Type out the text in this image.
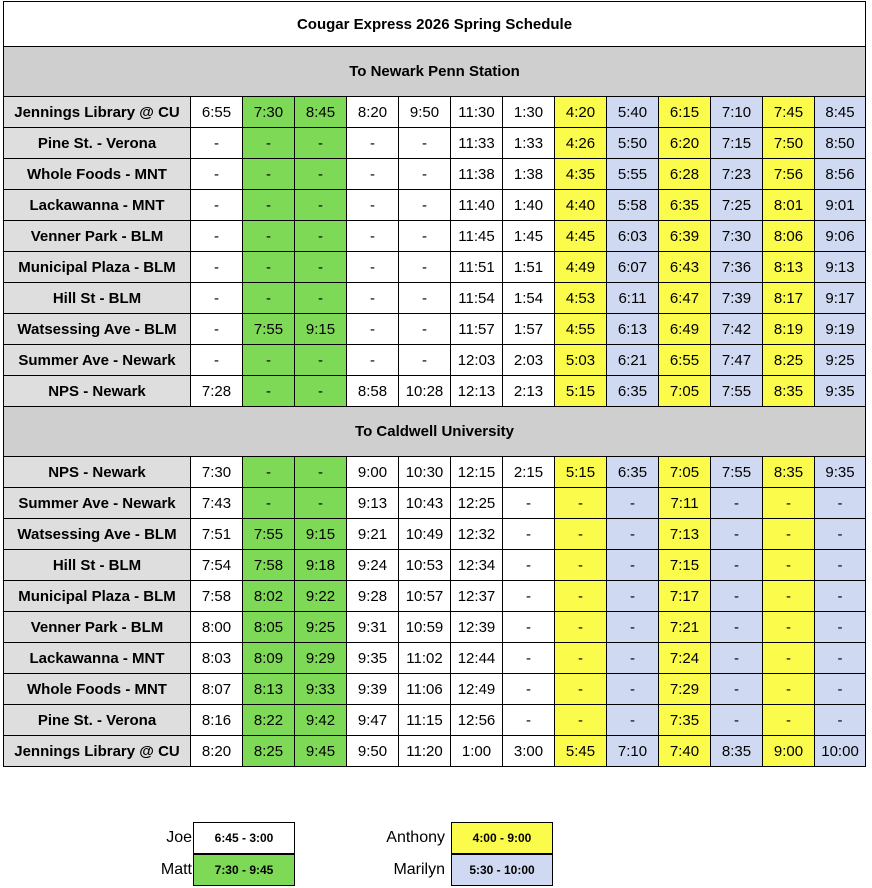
Cougar Express 2026 Spring Schedule													
To Newark Penn Station													
Jennings Library @ CU	6:55	7:30	8:45	8:20	9:50	11:30	1:30	4:20	5:40	6:15	7:10	7:45	8:45
Pine St. - Verona	-	-	-	-	-	11:33	1:33	4:26	5:50	6:20	7:15	7:50	8:50
Whole Foods - MNT	-	-	-	-	-	11:38	1:38	4:35	5:55	6:28	7:23	7:56	8:56
Lackawanna - MNT	-	-	-	-	-	11:40	1:40	4:40	5:58	6:35	7:25	8:01	9:01
Venner Park - BLM	-	-	-	-	-	11:45	1:45	4:45	6:03	6:39	7:30	8:06	9:06
Municipal Plaza - BLM	-	-	-	-	-	11:51	1:51	4:49	6:07	6:43	7:36	8:13	9:13
Hill St - BLM	-	-	-	-	-	11:54	1:54	4:53	6:11	6:47	7:39	8:17	9:17
Watsessing Ave - BLM	-	7:55	9:15	-	-	11:57	1:57	4:55	6:13	6:49	7:42	8:19	9:19
Summer Ave - Newark	-	-	-	-	-	12:03	2:03	5:03	6:21	6:55	7:47	8:25	9:25
NPS - Newark	7:28	-	-	8:58	10:28	12:13	2:13	5:15	6:35	7:05	7:55	8:35	9:35
To Caldwell University													
NPS - Newark	7:30	-	-	9:00	10:30	12:15	2:15	5:15	6:35	7:05	7:55	8:35	9:35
Summer Ave - Newark	7:43	-	-	9:13	10:43	12:25	-	-	-	7:11	-	-	-
Watsessing Ave - BLM	7:51	7:55	9:15	9:21	10:49	12:32	-	-	-	7:13	-	-	-
Hill St - BLM	7:54	7:58	9:18	9:24	10:53	12:34	-	-	-	7:15	-	-	-
Municipal Plaza - BLM	7:58	8:02	9:22	9:28	10:57	12:37	-	-	-	7:17	-	-	-
Venner Park - BLM	8:00	8:05	9:25	9:31	10:59	12:39	-	-	-	7:21	-	-	-
Lackawanna - MNT	8:03	8:09	9:29	9:35	11:02	12:44	-	-	-	7:24	-	-	-
Whole Foods - MNT	8:07	8:13	9:33	9:39	11:06	12:49	-	-	-	7:29	-	-	-
Pine St. - Verona	8:16	8:22	9:42	9:47	11:15	12:56	-	-	-	7:35	-	-	-
Jennings Library @ CU	8:20	8:25	9:45	9:50	11:20	1:00	3:00	5:45	7:10	7:40	8:35	9:00	10:00
Joe	6:45 - 3:00
Matt	7:30 - 9:45
Anthony	4:00 - 9:00
Marilyn	5:30 - 10:00
